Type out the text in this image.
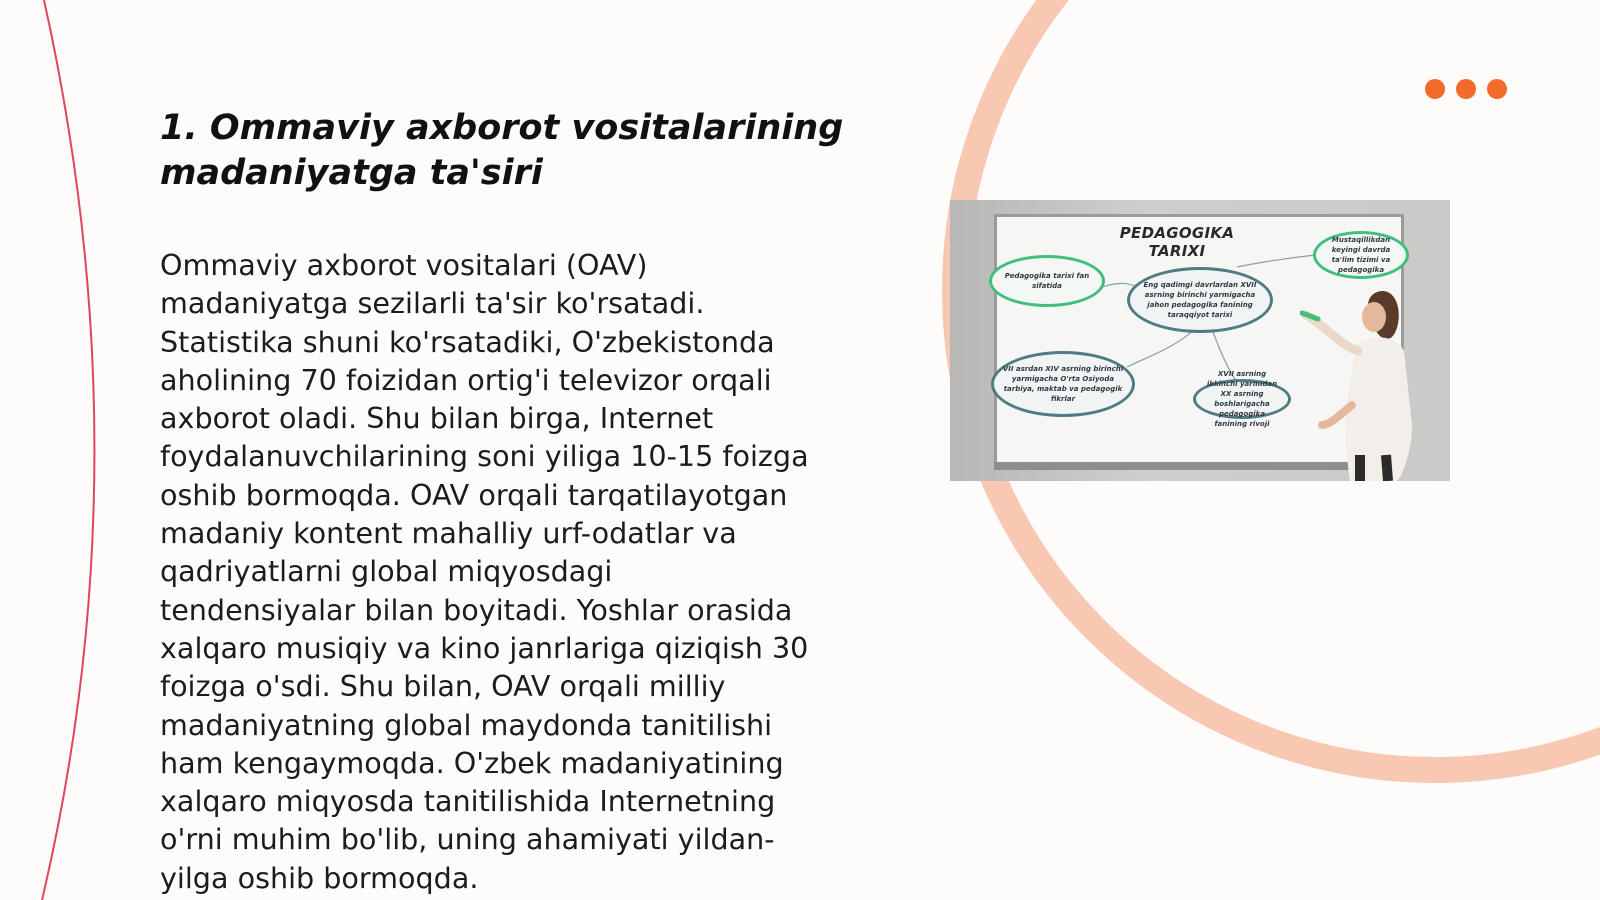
1. Ommaviy axborot vositalarining madaniyatga ta'siri

Ommaviy axborot vositalari (OAV)
madaniyatga sezilarli ta'sir ko'rsatadi.
Statistika shuni ko'rsatadiki, O'zbekistonda
aholining 70 foizidan ortig'i televizor orqali
axborot oladi. Shu bilan birga, Internet
foydalanuvchilarining soni yiliga 10-15 foizga
oshib bormoqda. OAV orqali tarqatilayotgan
madaniy kontent mahalliy urf-odatlar va
qadriyatlarni global miqyosdagi
tendensiyalar bilan boyitadi. Yoshlar orasida
xalqaro musiqiy va kino janrlariga qiziqish 30
foizga o'sdi. Shu bilan, OAV orqali milliy
madaniyatning global maydonda tanitilishi
ham kengaymoqda. O'zbek madaniyatining
xalqaro miqyosda tanitilishida Internetning
o'rni muhim bo'lib, uning ahamiyati yildan-
yilga oshib bormoqda.

PEDAGOGIKA TARIXI
Pedagogika tarixi fan sifatida	Eng qadimgi davrlardan XVII asrning birinchi yarmigacha jahon pedagogika fanining taraqqiyot tarixi
Mustaqillikdan keyingi davrda ta'lim tizimi va pedagogika
VII asrdan XIV asrning birinchi yarmigacha O'rta Osiyoda tarbiya, maktab va pedagogik fikrlar
XVII asrning ikkinchi yarmidan XX asrning boshlarigacha pedagogika fanining rivoji
